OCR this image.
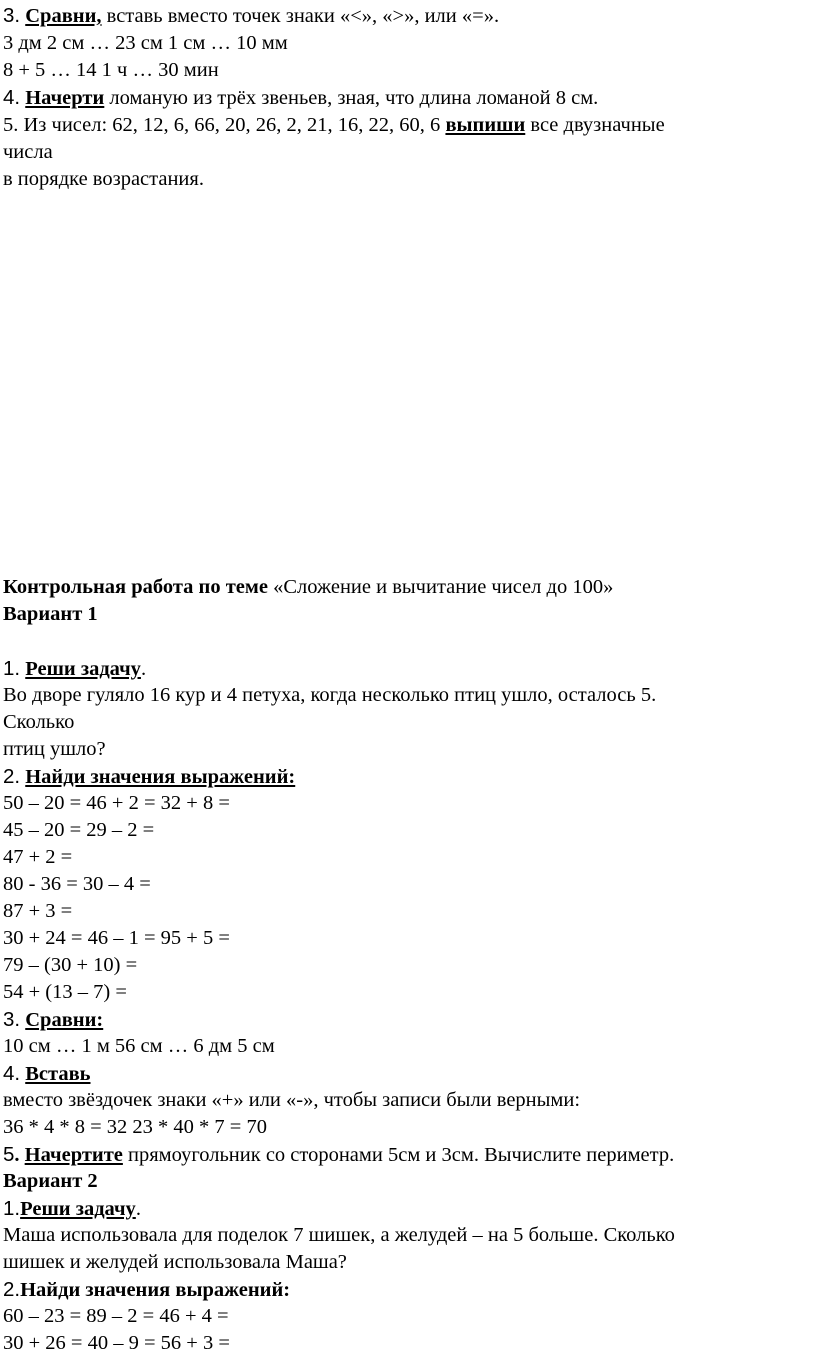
3. Сравни, вставь вместо точек знаки «<», «>», или «=».
3 дм 2 см … 23 см 1 см … 10 мм
8 + 5 … 14 1 ч … 30 мин
4. Начерти ломаную из трёх звеньев, зная, что длина ломаной 8 см.
5. Из чисел: 62, 12, 6, 66, 20, 26, 2, 21, 16, 22, 60, 6 выпиши все двузначные
числа
в порядке возрастания.
Контрольная работа по теме «Сложение и вычитание чисел до 100»
Вариант 1
1. Реши задачу.
Во дворе гуляло 16 кур и 4 петуха, когда несколько птиц ушло, осталось 5.
Сколько
птиц ушло?
2. Найди значения выражений:
50 – 20 = 46 + 2 = 32 + 8 =
45 – 20 = 29 – 2 =
47 + 2 =
80 - 36 = 30 – 4 =
87 + 3 =
30 + 24 = 46 – 1 = 95 + 5 =
79 – (30 + 10) =
54 + (13 – 7) =
3. Сравни:
10 см … 1 м 56 см … 6 дм 5 см
4. Вставь
вместо звёздочек знаки «+» или «-», чтобы записи были верными:
36 * 4 * 8 = 32 23 * 40 * 7 = 70
5. Начертите прямоугольник со сторонами 5см и 3см. Вычислите периметр.
Вариант 2
1.Реши задачу.
Маша использовала для поделок 7 шишек, а желудей – на 5 больше. Сколько
шишек и желудей использовала Маша?
2.Найди значения выражений:
60 – 23 = 89 – 2 = 46 + 4 =
30 + 26 = 40 – 9 = 56 + 3 =
